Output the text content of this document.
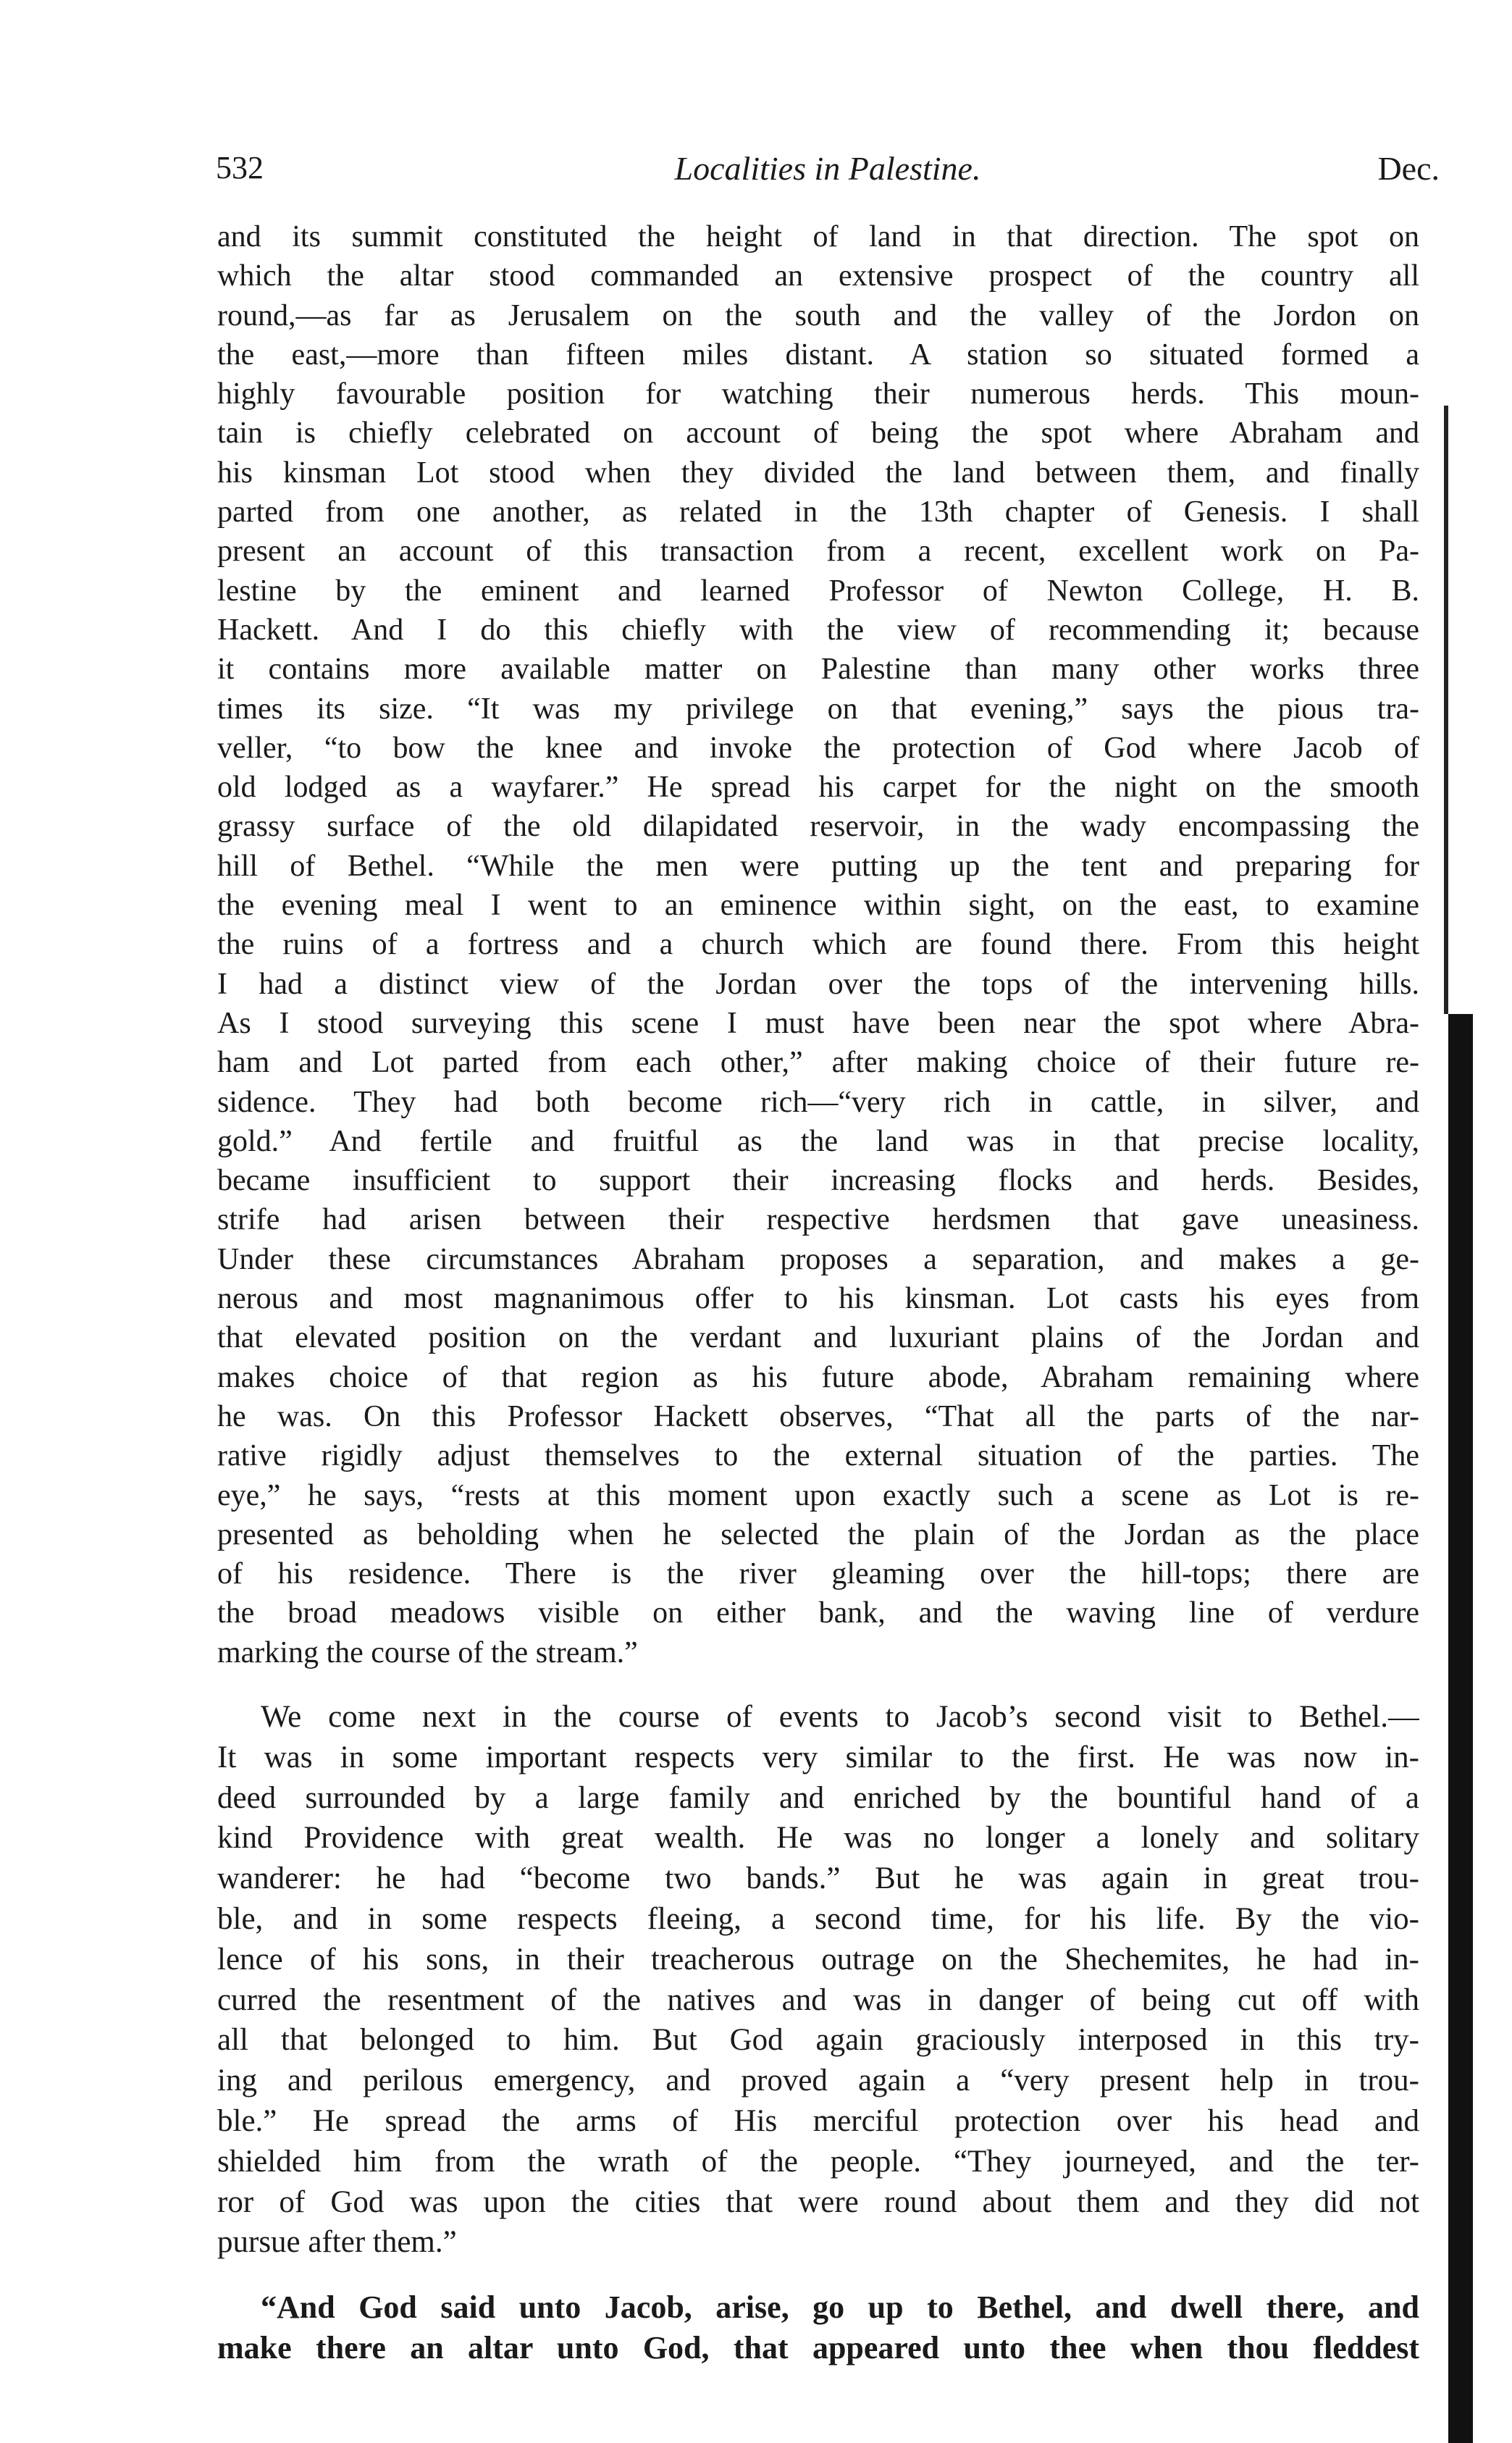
532	Localities in Palestine.	Dec.
and its summit constituted the height of land in that direction. The spot on
which the altar stood commanded an extensive prospect of the country all
round,—as far as Jerusalem on the south and the valley of the Jordon on
the east,—more than fifteen miles distant. A station so situated formed a
highly favourable position for watching their numerous herds. This moun-
tain is chiefly celebrated on account of being the spot where Abraham and
his kinsman Lot stood when they divided the land between them, and finally
parted from one another, as related in the 13th chapter of Genesis. I shall
present an account of this transaction from a recent, excellent work on Pa-
lestine by the eminent and learned Professor of Newton College, H. B.
Hackett. And I do this chiefly with the view of recommending it; because
it contains more available matter on Palestine than many other works three
times its size. “It was my privilege on that evening,” says the pious tra-
veller, “to bow the knee and invoke the protection of God where Jacob of
old lodged as a wayfarer.” He spread his carpet for the night on the smooth
grassy surface of the old dilapidated reservoir, in the wady encompassing the
hill of Bethel. “While the men were putting up the tent and preparing for
the evening meal I went to an eminence within sight, on the east, to examine
the ruins of a fortress and a church which are found there. From this height
I had a distinct view of the Jordan over the tops of the intervening hills.
As I stood surveying this scene I must have been near the spot where Abra-
ham and Lot parted from each other,” after making choice of their future re-
sidence. They had both become rich—“very rich in cattle, in silver, and
gold.” And fertile and fruitful as the land was in that precise locality,
became insufficient to support their increasing flocks and herds. Besides,
strife had arisen between their respective herdsmen that gave uneasiness.
Under these circumstances Abraham proposes a separation, and makes a ge-
nerous and most magnanimous offer to his kinsman. Lot casts his eyes from
that elevated position on the verdant and luxuriant plains of the Jordan and
makes choice of that region as his future abode, Abraham remaining where
he was. On this Professor Hackett observes, “That all the parts of the nar-
rative rigidly adjust themselves to the external situation of the parties. The
eye,” he says, “rests at this moment upon exactly such a scene as Lot is re-
presented as beholding when he selected the plain of the Jordan as the place
of his residence. There is the river gleaming over the hill-tops; there are
the broad meadows visible on either bank, and the waving line of verdure
marking the course of the stream.”
We come next in the course of events to Jacob’s second visit to Bethel.—
It was in some important respects very similar to the first. He was now in-
deed surrounded by a large family and enriched by the bountiful hand of a
kind Providence with great wealth. He was no longer a lonely and solitary
wanderer: he had “become two bands.” But he was again in great trou-
ble, and in some respects fleeing, a second time, for his life. By the vio-
lence of his sons, in their treacherous outrage on the Shechemites, he had in-
curred the resentment of the natives and was in danger of being cut off with
all that belonged to him. But God again graciously interposed in this try-
ing and perilous emergency, and proved again a “very present help in trou-
ble.” He spread the arms of His merciful protection over his head and
shielded him from the wrath of the people. “They journeyed, and the ter-
ror of God was upon the cities that were round about them and they did not
pursue after them.”
“And God said unto Jacob, arise, go up to Bethel, and dwell there, and
make there an altar unto God, that appeared unto thee when thou fleddest
